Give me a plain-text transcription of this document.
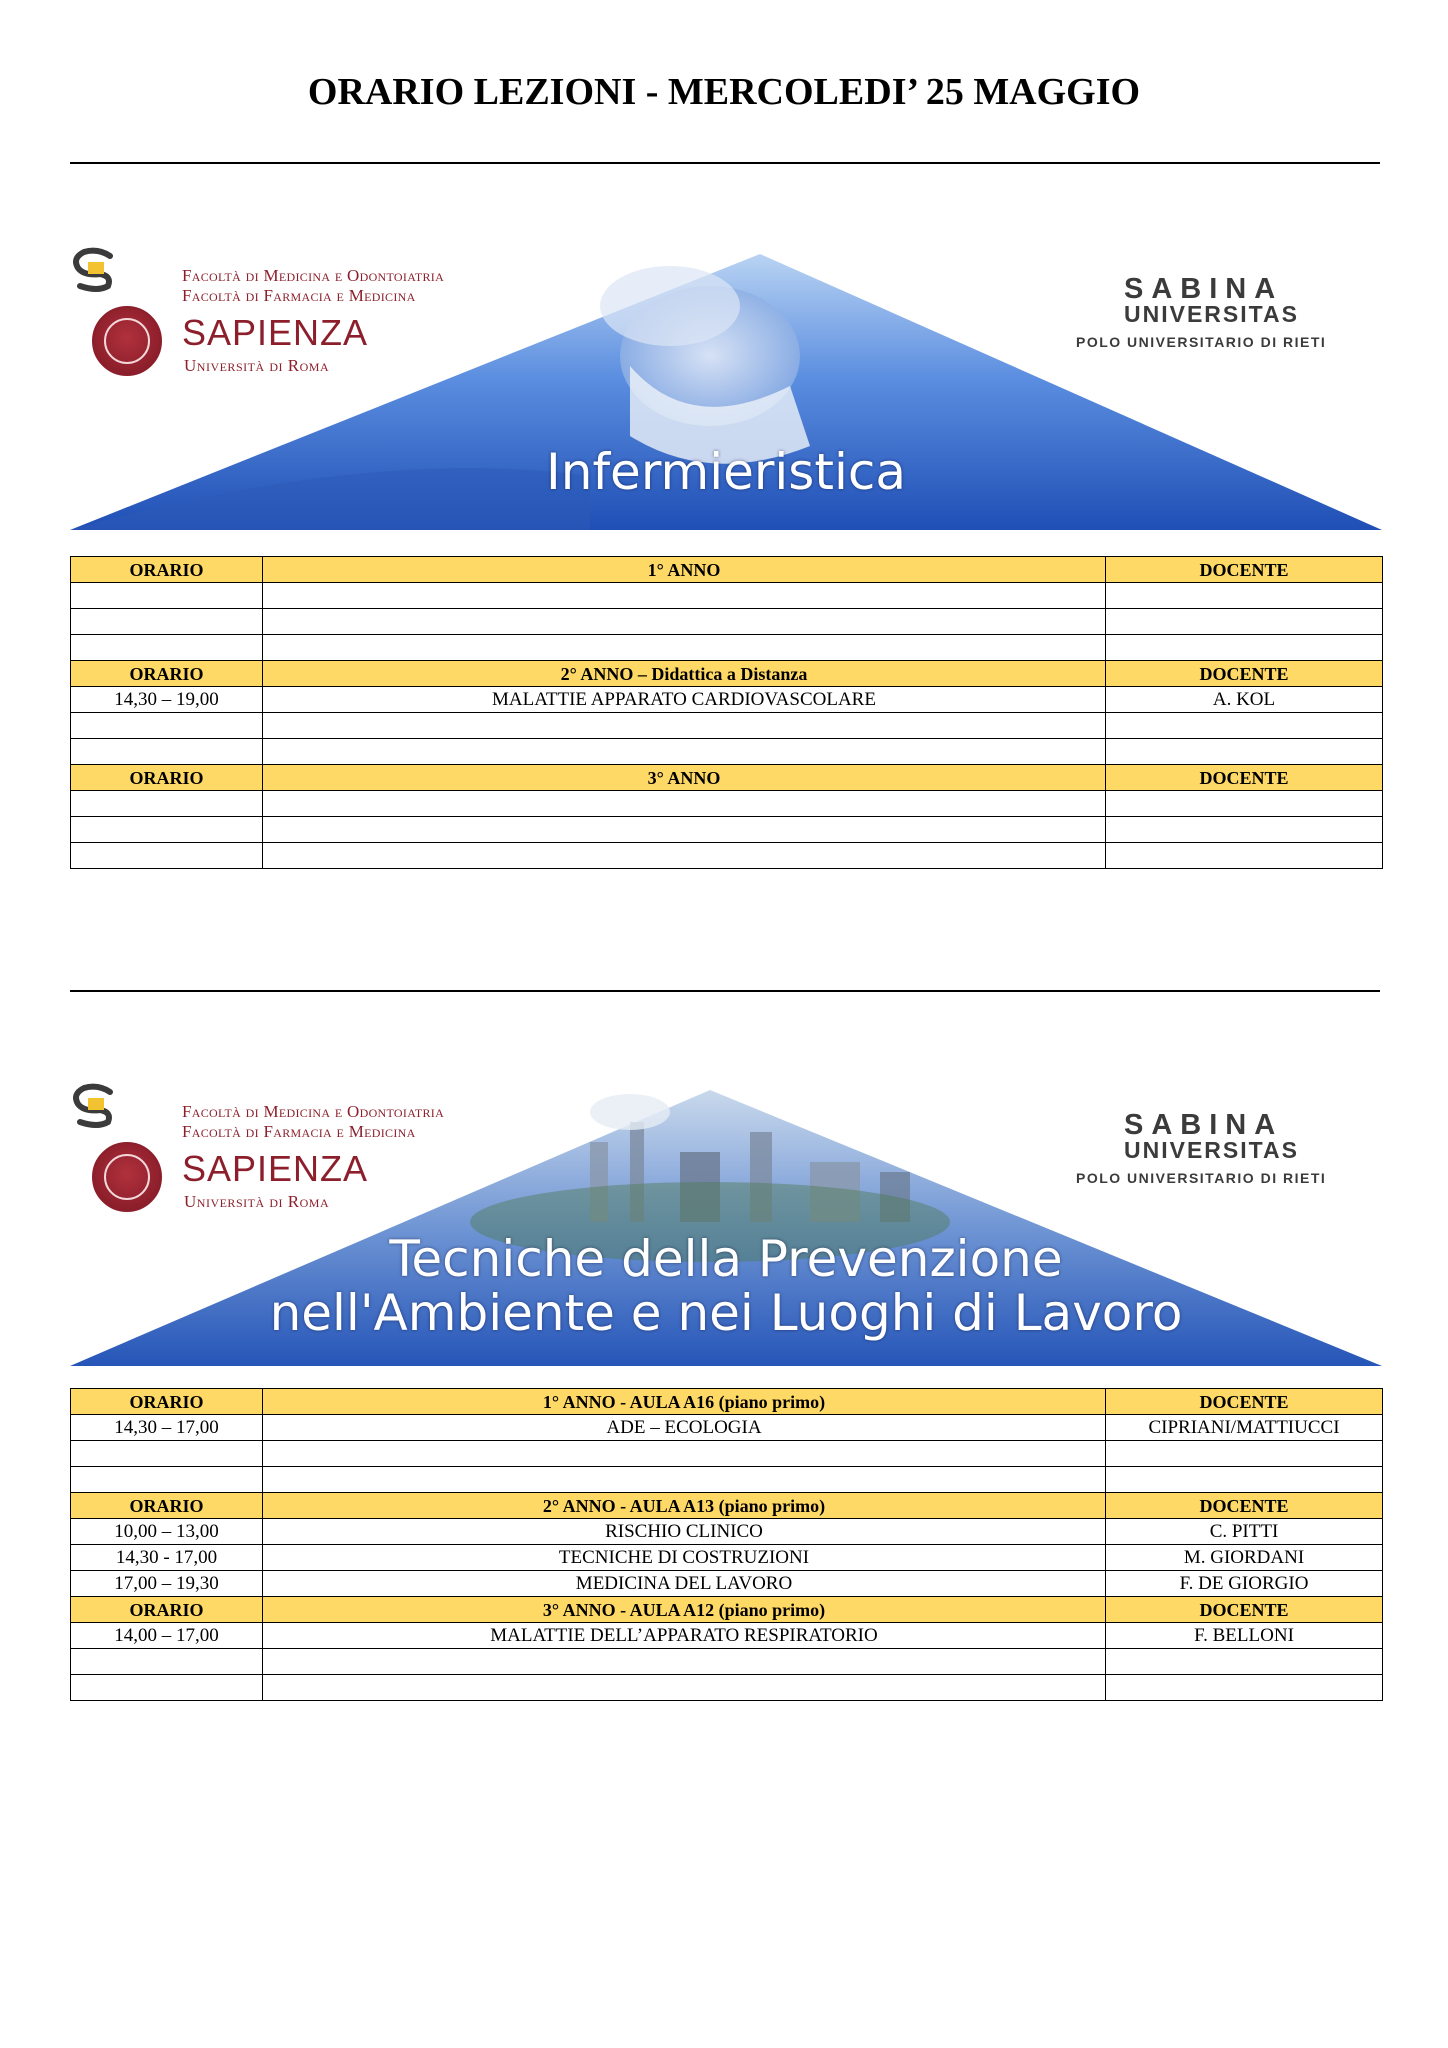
ORARIO LEZIONI - MERCOLEDI’ 25 MAGGIO
Facoltà di Medicina e Odontoiatria
Facoltà di Farmacia e Medicina
SAPIENZA
Università di Roma
SABINA
UNIVERSITAS
POLO UNIVERSITARIO DI RIETI
Infermieristica
ORARIO	1° ANNO	DOCENTE

ORARIO	2° ANNO – Didattica a Distanza	DOCENTE
14,30 – 19,00	MALATTIE APPARATO CARDIOVASCOLARE	A. KOL

ORARIO	3° ANNO	DOCENTE

Facoltà di Medicina e Odontoiatria
Facoltà di Farmacia e Medicina
SAPIENZA
Università di Roma
SABINA
UNIVERSITAS
POLO UNIVERSITARIO DI RIETI
Tecniche della Prevenzione
nell'Ambiente e nei Luoghi di Lavoro
ORARIO	1° ANNO - AULA A16 (piano primo)	DOCENTE
14,30 – 17,00	ADE – ECOLOGIA	CIPRIANI/MATTIUCCI

ORARIO	2° ANNO - AULA A13 (piano primo)	DOCENTE
10,00 – 13,00	RISCHIO CLINICO	C. PITTI
14,30 - 17,00	TECNICHE DI COSTRUZIONI	M. GIORDANI
17,00 – 19,30	MEDICINA DEL LAVORO	F. DE GIORGIO
ORARIO	3° ANNO - AULA A12 (piano primo)	DOCENTE
14,00 – 17,00	MALATTIE DELL’APPARATO RESPIRATORIO	F. BELLONI
